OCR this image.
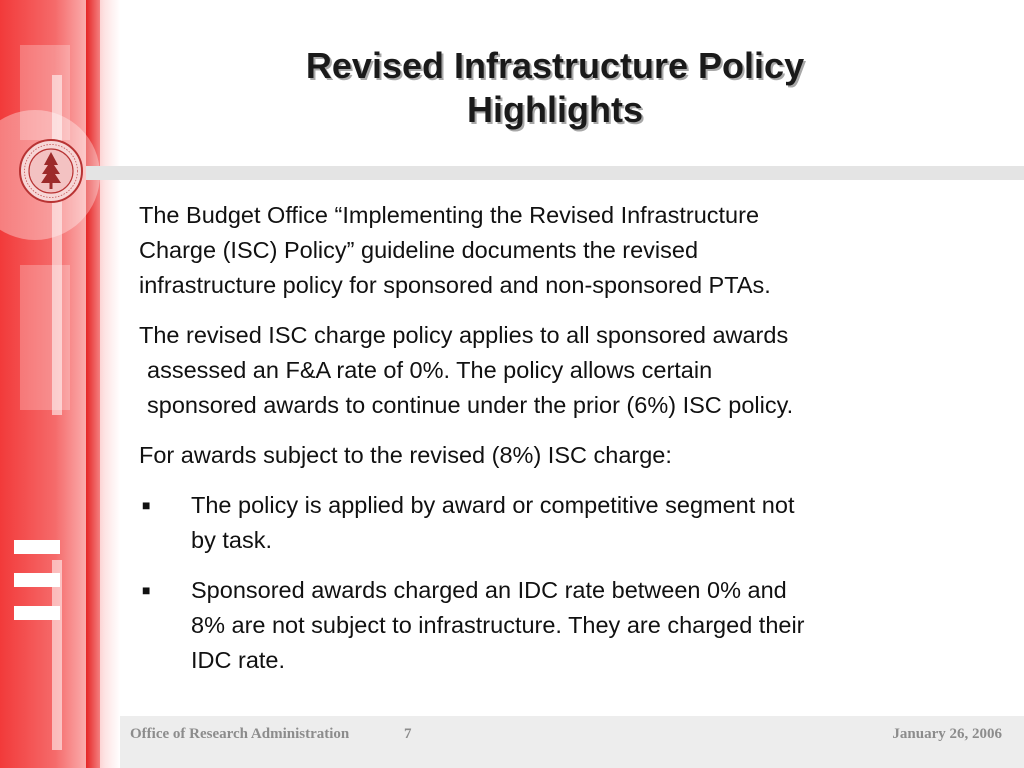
Revised Infrastructure Policy
Highlights

The Budget Office “Implementing the Revised Infrastructure
Charge (ISC) Policy” guideline documents the revised
infrastructure policy for sponsored and non-sponsored PTAs.

The revised ISC charge policy applies to all sponsored awards
assessed an F&A rate of 0%. The policy allows certain
sponsored awards to continue under the prior (6%) ISC policy.

For awards subject to the revised (8%) ISC charge:

■ The policy is applied by award or competitive segment not
by task.
■ Sponsored awards charged an IDC rate between 0% and
8% are not subject to infrastructure. They are charged their
IDC rate.
Office of Research Administration	7	January 26, 2006
